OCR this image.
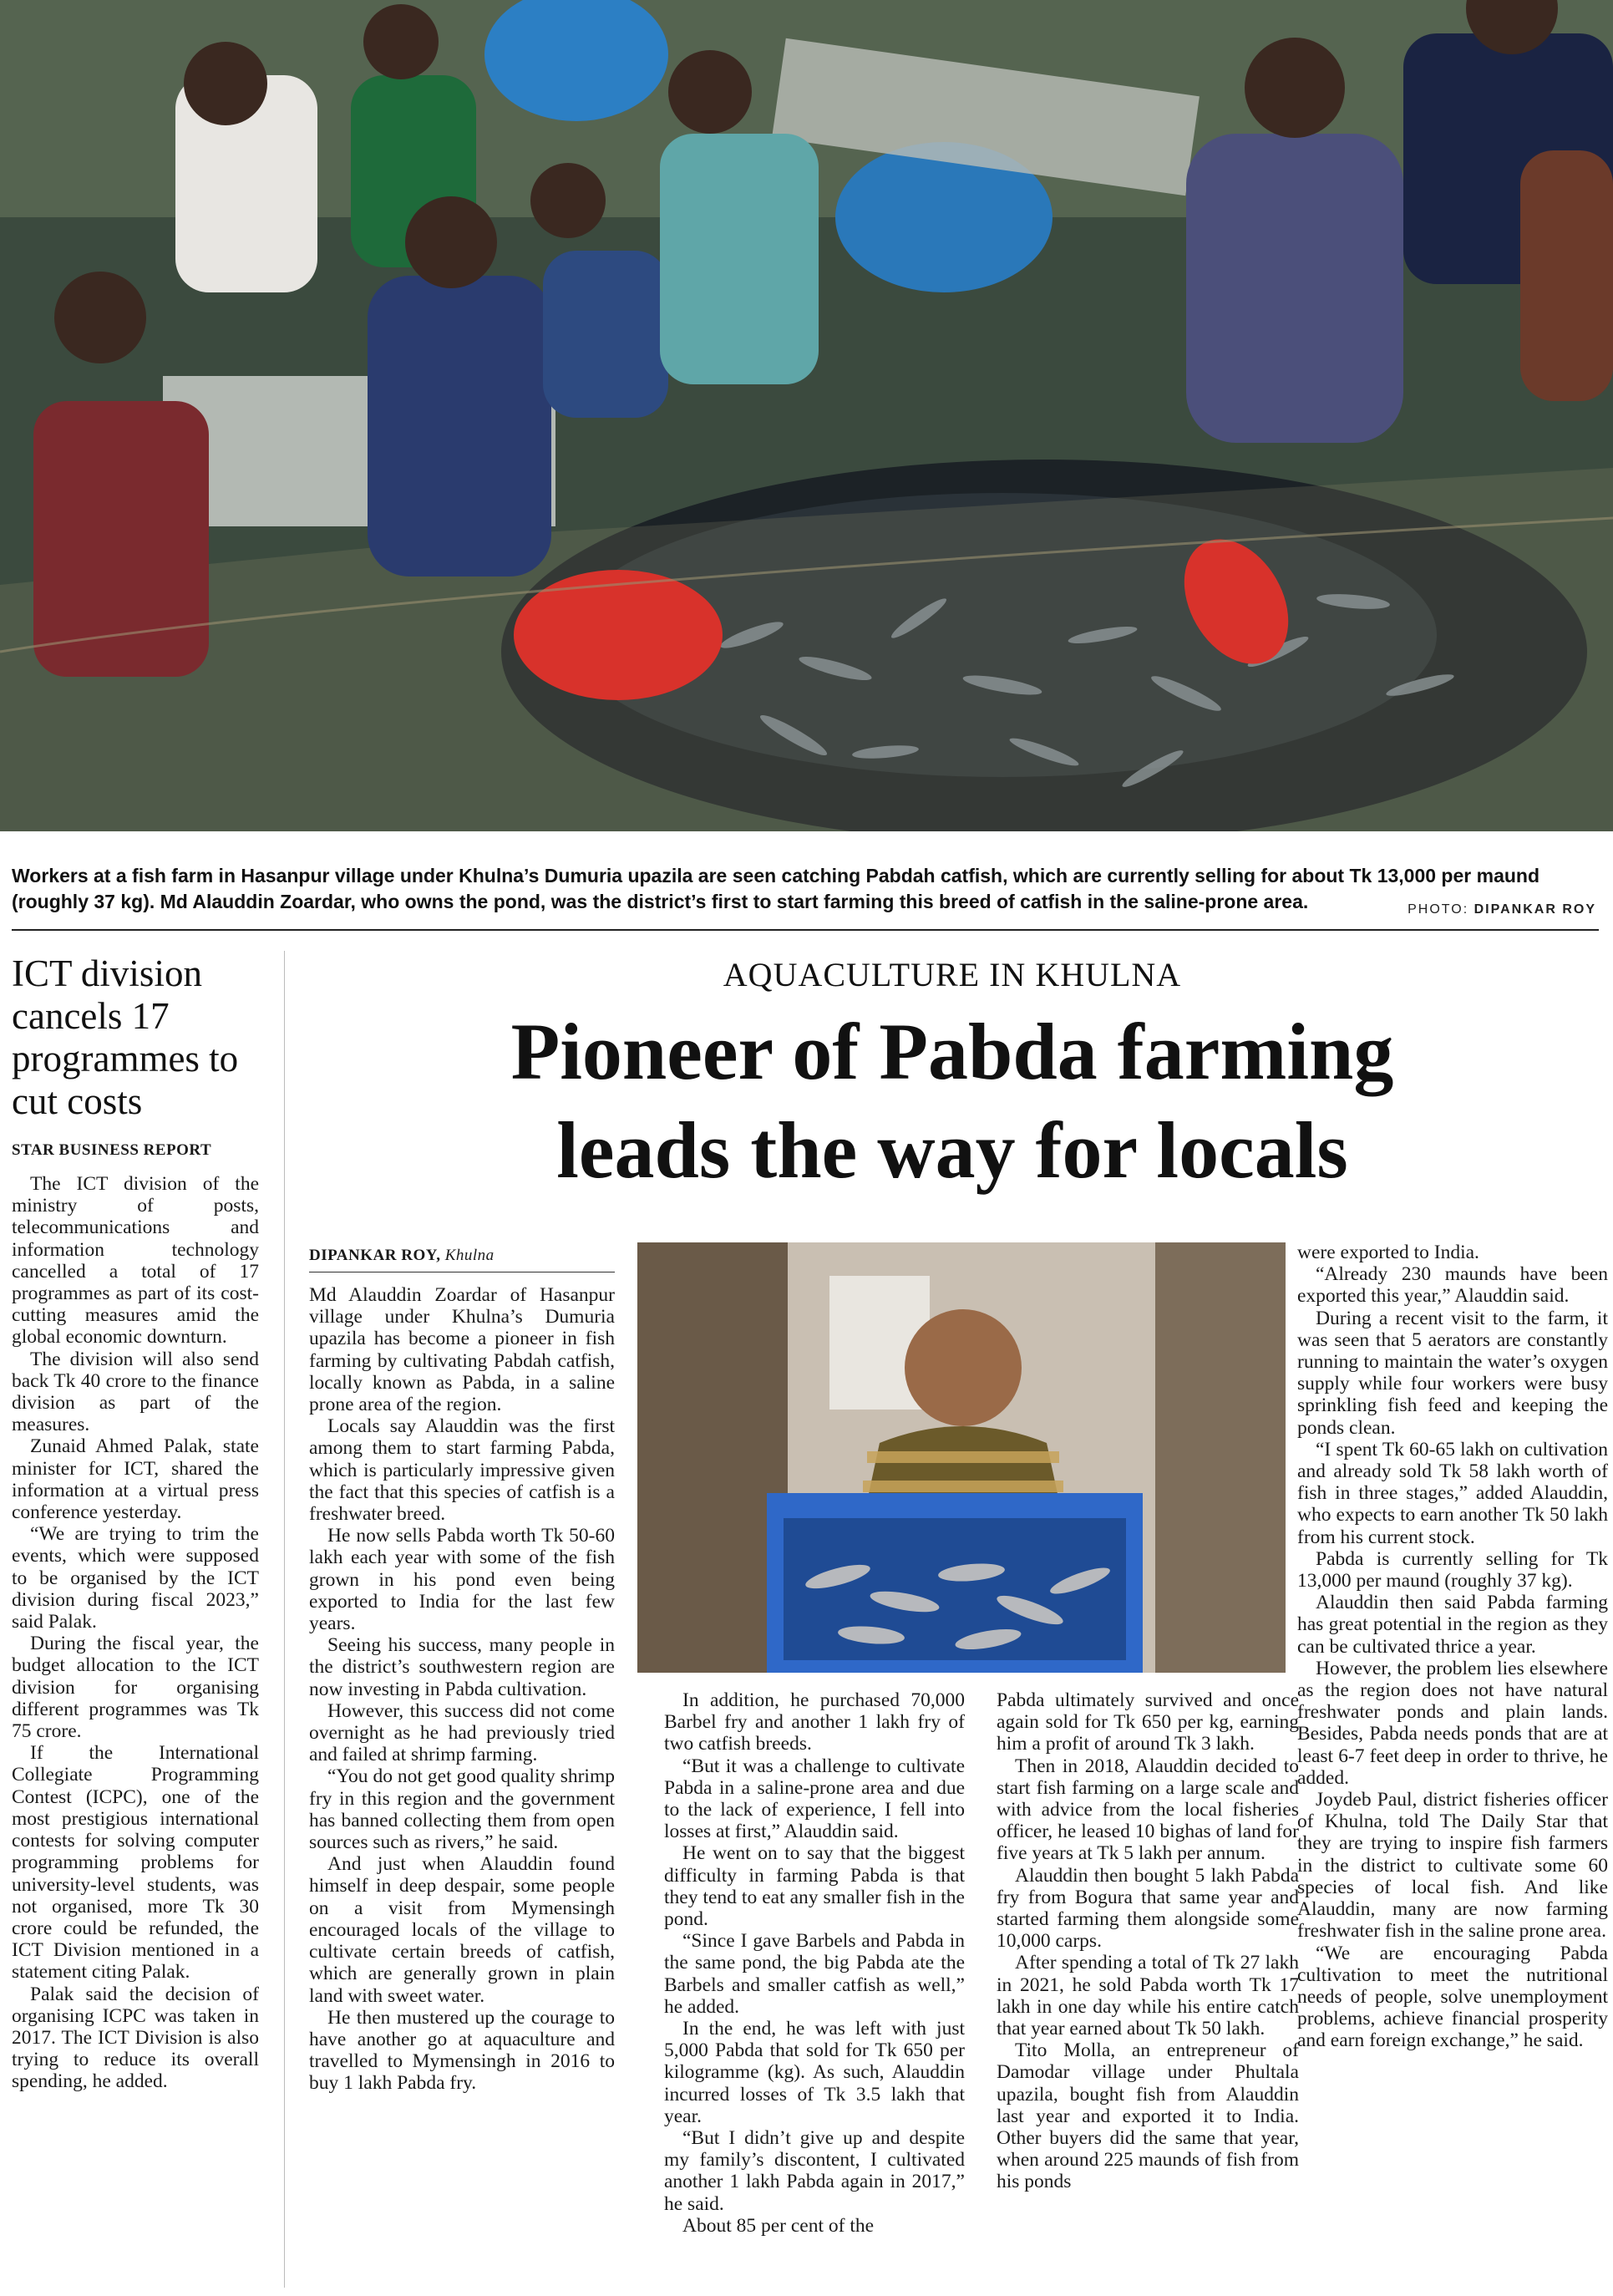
Workers at a fish farm in Hasanpur village under Khulna’s Dumuria upazila are seen catching Pabdah catfish, which are currently selling for about Tk 13,000 per maund (roughly 37 kg). Md Alauddin Zoardar, who owns the pond, was the district’s first to start farming this breed of catfish in the saline-prone area.	PHOTO: DIPANKAR ROY
ICT division cancels 17 programmes to cut costs
STAR BUSINESS REPORT

The ICT division of the ministry of posts, telecommunications and information technology cancelled a total of 17 programmes as part of its cost-cutting measures amid the global economic downturn.

The division will also send back Tk 40 crore to the finance division as part of the measures.

Zunaid Ahmed Palak, state minister for ICT, shared the information at a virtual press conference yesterday.

“We are trying to trim the events, which were supposed to be organised by the ICT division during fiscal 2023,” said Palak.

During the fiscal year, the budget allocation to the ICT division for organising different programmes was Tk 75 crore.

If the International Collegiate Programming Contest (ICPC), one of the most prestigious international contests for solving computer programming problems for university-level students, was not organised, more Tk 30 crore could be refunded, the ICT Division mentioned in a statement citing Palak.

Palak said the decision of organising ICPC was taken in 2017. The ICT Division is also trying to reduce its overall spending, he added.

AQUACULTURE IN KHULNA
Pioneer of Pabda farming
leads the way for locals
DIPANKAR ROY, Khulna

Md Alauddin Zoardar of Hasanpur village under Khulna’s Dumuria upazila has become a pioneer in fish farming by cultivating Pabdah catfish, locally known as Pabda, in a saline prone area of the region.

Locals say Alauddin was the first among them to start farming Pabda, which is particularly impressive given the fact that this species of catfish is a freshwater breed.

He now sells Pabda worth Tk 50-60 lakh each year with some of the fish grown in his pond even being exported to India for the last few years.

Seeing his success, many people in the district’s southwestern region are now investing in Pabda cultivation.

However, this success did not come overnight as he had previously tried and failed at shrimp farming.

“You do not get good quality shrimp fry in this region and the government has banned collecting them from open sources such as rivers,” he said.

And just when Alauddin found himself in deep despair, some people on a visit from Mymensingh encouraged locals of the village to cultivate certain breeds of catfish, which are generally grown in plain land with sweet water.

He then mustered up the courage to have another go at aquaculture and travelled to Mymensingh in 2016 to buy 1 lakh Pabda fry.

In addition, he purchased 70,000 Barbel fry and another 1 lakh fry of two catfish breeds.

“But it was a challenge to cultivate Pabda in a saline-prone area and due to the lack of experience, I fell into losses at first,” Alauddin said.

He went on to say that the biggest difficulty in farming Pabda is that they tend to eat any smaller fish in the pond.

“Since I gave Barbels and Pabda in the same pond, the big Pabda ate the Barbels and smaller catfish as well,” he added.

In the end, he was left with just 5,000 Pabda that sold for Tk 650 per kilogramme (kg). As such, Alauddin incurred losses of Tk 3.5 lakh that year.

“But I didn’t give up and despite my family’s discontent, I cultivated another 1 lakh Pabda again in 2017,” he said.

About 85 per cent of the

Pabda ultimately survived and once again sold for Tk 650 per kg, earning him a profit of around Tk 3 lakh.

Then in 2018, Alauddin decided to start fish farming on a large scale and with advice from the local fisheries officer, he leased 10 bighas of land for five years at Tk 5 lakh per annum.

Alauddin then bought 5 lakh Pabda fry from Bogura that same year and started farming them alongside some 10,000 carps.

After spending a total of Tk 27 lakh in 2021, he sold Pabda worth Tk 17 lakh in one day while his entire catch that year earned about Tk 50 lakh.

Tito Molla, an entrepreneur of Damodar village under Phultala upazila, bought fish from Alauddin last year and exported it to India. Other buyers did the same that year, when around 225 maunds of fish from his ponds

were exported to India.

“Already 230 maunds have been exported this year,” Alauddin said.

During a recent visit to the farm, it was seen that 5 aerators are constantly running to maintain the water’s oxygen supply while four workers were busy sprinkling fish feed and keeping the ponds clean.

“I spent Tk 60-65 lakh on cultivation and already sold Tk 58 lakh worth of fish in three stages,” added Alauddin, who expects to earn another Tk 50 lakh from his current stock.

Pabda is currently selling for Tk 13,000 per maund (roughly 37 kg).

Alauddin then said Pabda farming has great potential in the region as they can be cultivated thrice a year.

However, the problem lies elsewhere as the region does not have natural freshwater ponds and plain lands. Besides, Pabda needs ponds that are at least 6-7 feet deep in order to thrive, he added.

Joydeb Paul, district fisheries officer of Khulna, told The Daily Star that they are trying to inspire fish farmers in the district to cultivate some 60 species of local fish. And like Alauddin, many are now farming freshwater fish in the saline prone area.

“We are encouraging Pabda cultivation to meet the nutritional needs of people, solve unemployment problems, achieve financial prosperity and earn foreign exchange,” he said.
